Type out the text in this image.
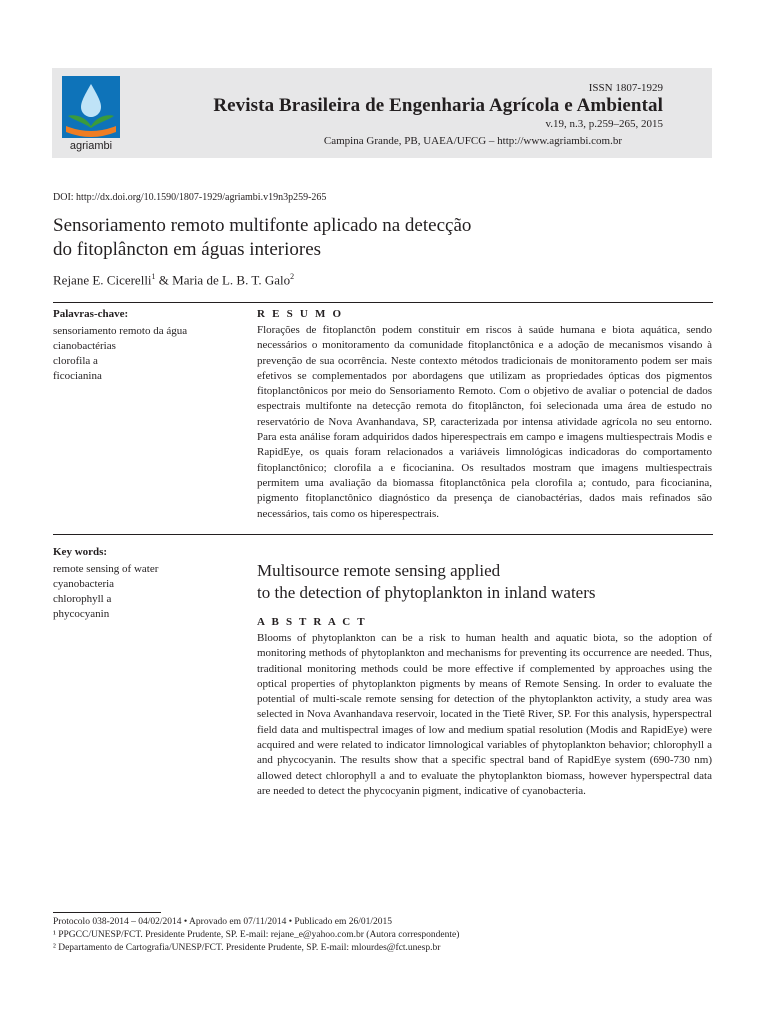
agriambi
ISSN 1807-1929
Revista Brasileira de Engenharia Agrícola e Ambiental
v.19, n.3, p.259–265, 2015
Campina Grande, PB, UAEA/UFCG – http://www.agriambi.com.br
DOI: http://dx.doi.org/10.1590/1807-1929/agriambi.v19n3p259-265
Sensoriamento remoto multifonte aplicado na detecção
do fitoplâncton em águas interiores
Rejane E. Cicerelli$^1$ & Maria de L. B. T. Galo$^2$
Palavras-chave:
sensoriamento remoto da água
cianobactérias
clorofila a
ficocianina
R E S U M O
Florações de fitoplanctôn podem constituir em riscos à saúde humana e biota aquática, sendo necessários o monitoramento da comunidade fitoplanctônica e a adoção de mecanismos visando à prevenção de sua ocorrência. Neste contexto métodos tradicionais de monitoramento podem ser mais efetivos se complementados por abordagens que utilizam as propriedades ópticas dos pigmentos fitoplanctônicos por meio do Sensoriamento Remoto. Com o objetivo de avaliar o potencial de dados espectrais multifonte na detecção remota do fitoplâncton, foi selecionada uma área de estudo no reservatório de Nova Avanhandava, SP, caracterizada por intensa atividade agrícola no seu entorno. Para esta análise foram adquiridos dados hiperespectrais em campo e imagens multiespectrais Modis e RapidEye, os quais foram relacionados a variáveis limnológicas indicadoras do comportamento fitoplanctônico; clorofila a e ficocianina. Os resultados mostram que imagens multiespectrais permitem uma avaliação da biomassa fitoplanctônica pela clorofila a; contudo, para ficocianina, pigmento fitoplanctônico diagnóstico da presença de cianobactérias, dados mais refinados são necessários, tais como os hiperespectrais.
Key words:
remote sensing of water
cyanobacteria
chlorophyll a
phycocyanin
Multisource remote sensing applied
to the detection of phytoplankton in inland waters
A B S T R A C T
Blooms of phytoplankton can be a risk to human health and aquatic biota, so the adoption of monitoring methods of phytoplankton and mechanisms for preventing its occurrence are needed. Thus, traditional monitoring methods could be more effective if complemented by approaches using the optical properties of phytoplankton pigments by means of Remote Sensing. In order to evaluate the potential of multi-scale remote sensing for detection of the phytoplankton activity, a study area was selected in Nova Avanhandava reservoir, located in the Tietê River, SP. For this analysis, hyperspectral field data and multispectral images of low and medium spatial resolution (Modis and RapidEye) were acquired and were related to indicator limnological variables of phytoplankton behavior; chlorophyll a and phycocyanin. The results show that a specific spectral band of RapidEye system (690-730 nm) allowed detect chlorophyll a and to evaluate the phytoplankton biomass, however hyperspectral data are needed to detect the phycocyanin pigment, indicative of cyanobacteria.
Protocolo 038-2014 – 04/02/2014 • Aprovado em 07/11/2014 • Publicado em 26/01/2015
¹ PPGCC/UNESP/FCT. Presidente Prudente, SP. E-mail: rejane_e@yahoo.com.br (Autora correspondente)
² Departamento de Cartografia/UNESP/FCT. Presidente Prudente, SP. E-mail: mlourdes@fct.unesp.br
